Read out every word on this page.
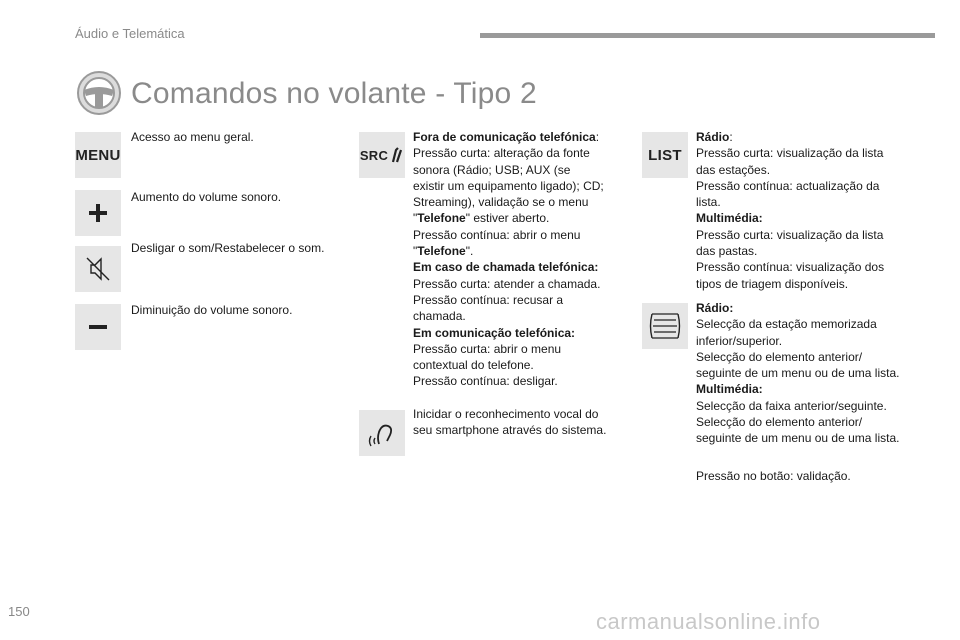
Áudio e Telemática
Comandos no volante - Tipo 2
MENU
Acesso ao menu geral.
Aumento do volume sonoro.
Desligar o som/Restabelecer o som.
Diminuição do volume sonoro.
SRC
Fora de comunicação telefónica:
Pressão curta: alteração da fonte
sonora (Rádio; USB; AUX (se
existir um equipamento ligado); CD;
Streaming), validação se o menu
"Telefone" estiver aberto.
Pressão contínua: abrir o menu
"Telefone".
Em caso de chamada telefónica:
Pressão curta: atender a chamada.
Pressão contínua: recusar a
chamada.
Em comunicação telefónica:
Pressão curta: abrir o menu
contextual do telefone.
Pressão contínua: desligar.
Inicidar o reconhecimento vocal do
seu smartphone através do sistema.
LIST
Rádio:
Pressão curta: visualização da lista
das estações.
Pressão contínua: actualização da
lista.
Multimédia:
Pressão curta: visualização da lista
das pastas.
Pressão contínua: visualização dos
tipos de triagem disponíveis.
Rádio:
Selecção da estação memorizada
inferior/superior.
Selecção do elemento anterior/
seguinte de um menu ou de uma lista.
Multimédia:
Selecção da faixa anterior/seguinte.
Selecção do elemento anterior/
seguinte de um menu ou de uma lista.
Pressão no botão: validação.
150	carmanualsonline.info
